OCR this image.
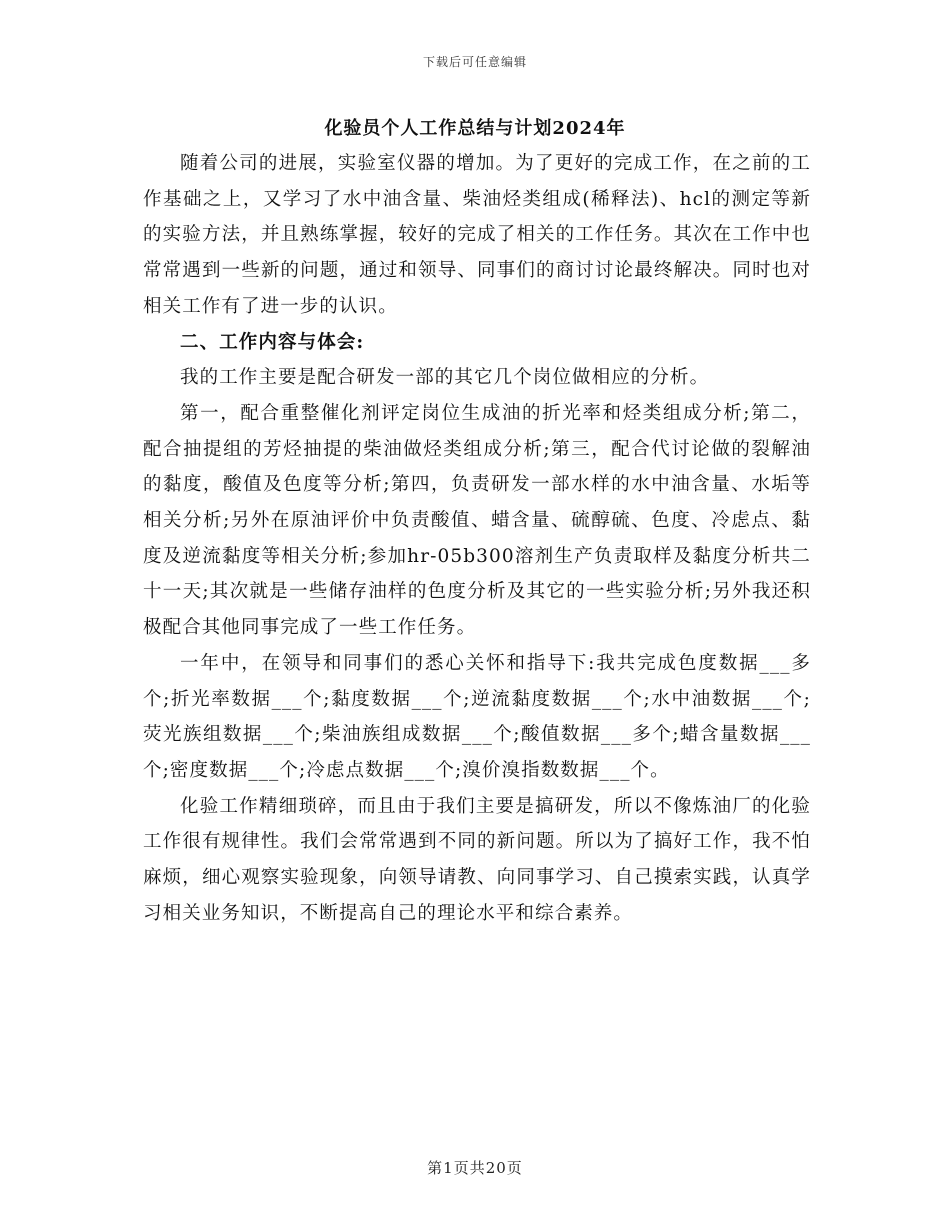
下载后可任意编辑
化验员个人工作总结与计划2024年

随着公司的进展，实验室仪器的增加。为了更好的完成工作，在之前的工作基础之上，又学习了水中油含量、柴油烃类组成(稀释法)、hcl的测定等新的实验方法，并且熟练掌握，较好的完成了相关的工作任务。其次在工作中也常常遇到一些新的问题，通过和领导、同事们的商讨讨论最终解决。同时也对相关工作有了进一步的认识。

二、工作内容与体会:

我的工作主要是配合研发一部的其它几个岗位做相应的分析。

第一，配合重整催化剂评定岗位生成油的折光率和烃类组成分析;第二，配合抽提组的芳烃抽提的柴油做烃类组成分析;第三，配合代讨论做的裂解油的黏度，酸值及色度等分析;第四，负责研发一部水样的水中油含量、水垢等相关分析;另外在原油评价中负责酸值、蜡含量、硫醇硫、色度、冷虑点、黏度及逆流黏度等相关分析;参加hr-05b300溶剂生产负责取样及黏度分析共二十一天;其次就是一些储存油样的色度分析及其它的一些实验分析;另外我还积极配合其他同事完成了一些工作任务。

一年中，在领导和同事们的悉心关怀和指导下:我共完成色度数据___多个;折光率数据___个;黏度数据___个;逆流黏度数据___个;水中油数据___个;荧光族组数据___个;柴油族组成数据___个;酸值数据___多个;蜡含量数据___个;密度数据___个;冷虑点数据___个;溴价溴指数数据___个。

化验工作精细琐碎，而且由于我们主要是搞研发，所以不像炼油厂的化验工作很有规律性。我们会常常遇到不同的新问题。所以为了搞好工作，我不怕麻烦，细心观察实验现象，向领导请教、向同事学习、自己摸索实践，认真学习相关业务知识，不断提高自己的理论水平和综合素养。

第1页共20页
